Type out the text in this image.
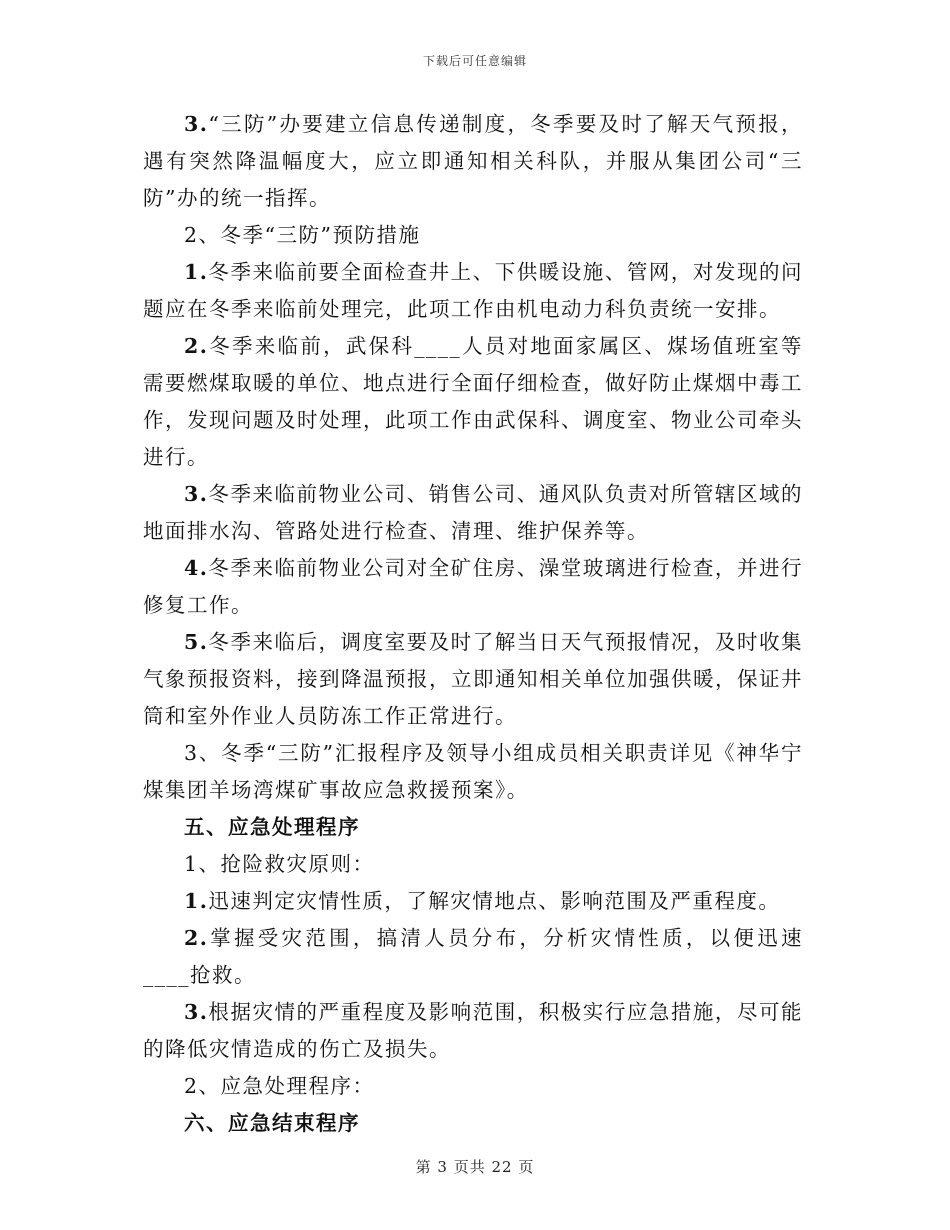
下载后可任意编辑

3.“三防”办要建立信息传递制度，冬季要及时了解天气预报，遇有突然降温幅度大，应立即通知相关科队，并服从集团公司“三防”办的统一指挥。

2、冬季“三防”预防措施

1.冬季来临前要全面检查井上、下供暖设施、管网，对发现的问题应在冬季来临前处理完，此项工作由机电动力科负责统一安排。

2.冬季来临前，武保科____人员对地面家属区、煤场值班室等需要燃煤取暖的单位、地点进行全面仔细检查，做好防止煤烟中毒工作，发现问题及时处理，此项工作由武保科、调度室、物业公司牵头进行。

3.冬季来临前物业公司、销售公司、通风队负责对所管辖区域的地面排水沟、管路处进行检查、清理、维护保养等。

4.冬季来临前物业公司对全矿住房、澡堂玻璃进行检查，并进行修复工作。

5.冬季来临后，调度室要及时了解当日天气预报情况，及时收集气象预报资料，接到降温预报，立即通知相关单位加强供暖，保证井筒和室外作业人员防冻工作正常进行。

3、冬季“三防”汇报程序及领导小组成员相关职责详见《神华宁煤集团羊场湾煤矿事故应急救援预案》。

五、应急处理程序

1、抢险救灾原则：

1.迅速判定灾情性质，了解灾情地点、影响范围及严重程度。

2.掌握受灾范围，搞清人员分布，分析灾情性质，以便迅速____抢救。

3.根据灾情的严重程度及影响范围，积极实行应急措施，尽可能的降低灾情造成的伤亡及损失。

2、应急处理程序：

六、应急结束程序

第 3 页共 22 页
